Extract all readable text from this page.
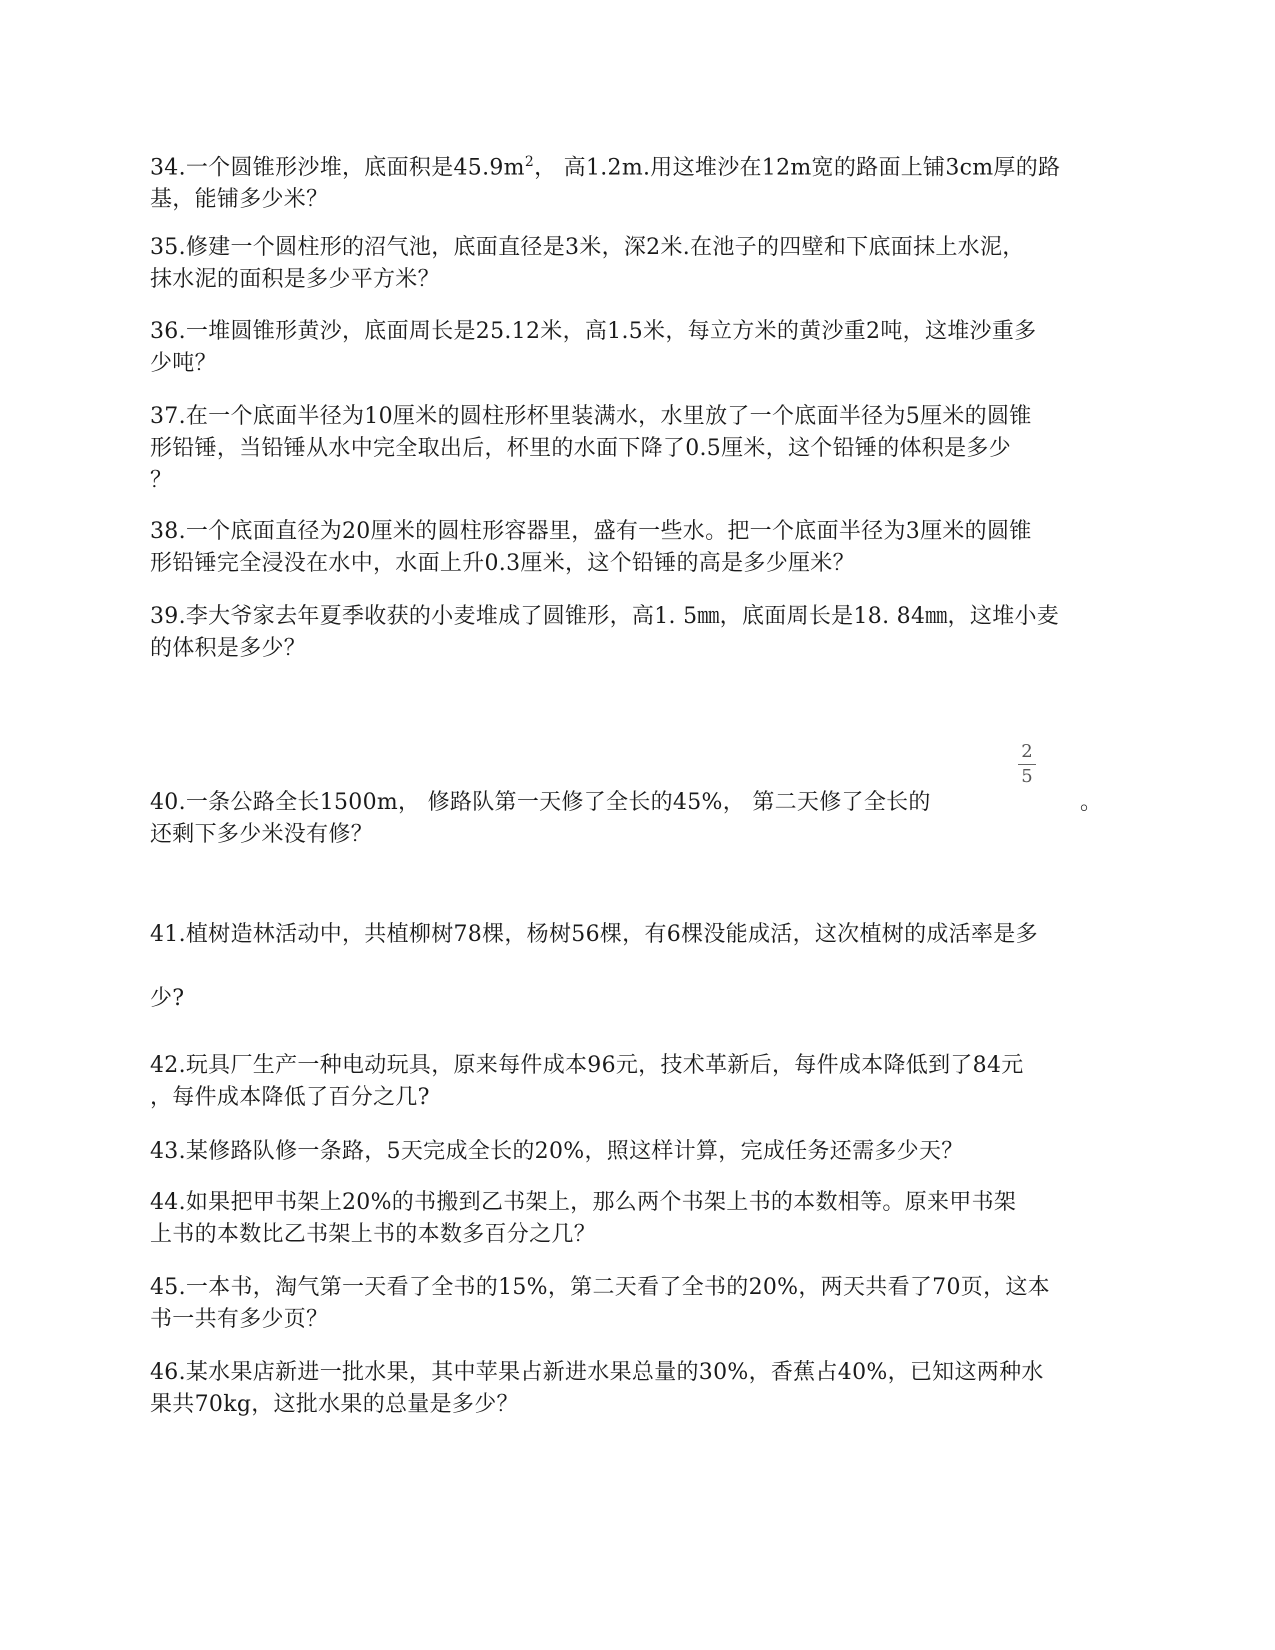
34.一个圆锥形沙堆，底面积是$45.9m^2$， 高1.2m.用这堆沙在12m宽的路面上铺3cm厚的路
基，能铺多少米？

35.修建一个圆柱形的沼气池，底面直径是3米，深2米.在池子的四壁和下底面抹上水泥，
抹水泥的面积是多少平方米？

36.一堆圆锥形黄沙，底面周长是25.12米，高1.5米，每立方米的黄沙重2吨，这堆沙重多
少吨？

37.在一个底面半径为10厘米的圆柱形杯里装满水，水里放了一个底面半径为5厘米的圆锥
形铅锤，当铅锤从水中完全取出后，杯里的水面下降了0.5厘米，这个铅锤的体积是多少
？

38.一个底面直径为20厘米的圆柱形容器里，盛有一些水。把一个底面半径为3厘米的圆锥
形铅锤完全浸没在水中，水面上升0.3厘米，这个铅锤的高是多少厘米？

39.李大爷家去年夏季收获的小麦堆成了圆锥形，高1. 5㎜，底面周长是18. 84㎜，这堆小麦
的体积是多少？

2
5

40.一条公路全长1500m， 修路队第一天修了全长的45%， 第二天修了全长的
还剩下多少米没有修？

。

41.植树造林活动中，共植柳树78棵，杨树56棵，有6棵没能成活，这次植树的成活率是多
少?

42.玩具厂生产一种电动玩具，原来每件成本96元，技术革新后，每件成本降低到了84元
，每件成本降低了百分之几?

43.某修路队修一条路，5天完成全长的20%，照这样计算，完成任务还需多少天？

44.如果把甲书架上20%的书搬到乙书架上，那么两个书架上书的本数相等。原来甲书架
上书的本数比乙书架上书的本数多百分之几？

45.一本书，淘气第一天看了全书的15%，第二天看了全书的20%，两天共看了70页，这本
书一共有多少页？

46.某水果店新进一批水果，其中苹果占新进水果总量的30%，香蕉占40%，已知这两种水
果共70kg，这批水果的总量是多少？
